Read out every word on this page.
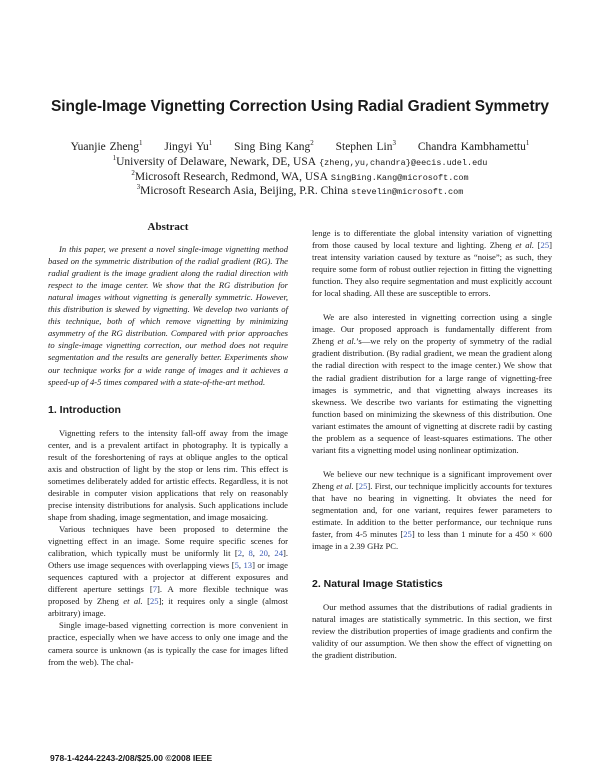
Single-Image Vignetting Correction Using Radial Gradient Symmetry
Yuanjie Zheng$^1$ Jingyi Yu$^1$ Sing Bing Kang$^2$ Stephen Lin$^3$ Chandra Kambhamettu$^1$
$^1$University of Delaware, Newark, DE, USA {zheng,yu,chandra}@eecis.udel.edu
$^2$Microsoft Research, Redmond, WA, USA SingBing.Kang@microsoft.com
$^3$Microsoft Research Asia, Beijing, P.R. China stevelin@microsoft.com

Abstract

In this paper, we present a novel single-image vignetting method based on the symmetric distribution of the radial gradient (RG). The radial gradient is the image gradient along the radial direction with respect to the image center. We show that the RG distribution for natural images without vignetting is generally symmetric. However, this distribution is skewed by vignetting. We develop two variants of this technique, both of which remove vignetting by minimizing asymmetry of the RG distribution. Compared with prior approaches to single-image vignetting correction, our method does not require segmentation and the results are generally better. Experiments show our technique works for a wide range of images and it achieves a speed-up of 4-5 times compared with a state-of-the-art method.

1. Introduction

Vignetting refers to the intensity fall-off away from the image center, and is a prevalent artifact in photography. It is typically a result of the foreshortening of rays at oblique angles to the optical axis and obstruction of light by the stop or lens rim. This effect is sometimes deliberately added for artistic effects. Regardless, it is not desirable in computer vision applications that rely on reasonably precise intensity distributions for analysis. Such applications include shape from shading, image segmentation, and image mosaicing.

Various techniques have been proposed to determine the vignetting effect in an image. Some require specific scenes for calibration, which typically must be uniformly lit [2, 8, 20, 24]. Others use image sequences with overlapping views [5, 13] or image sequences captured with a projector at different exposures and different aperture settings [7]. A more flexible technique was proposed by Zheng et al. [25]; it requires only a single (almost arbitrary) image.

Single image-based vignetting correction is more convenient in practice, especially when we have access to only one image and the camera source is unknown (as is typically the case for images lifted from the web). The chal-

lenge is to differentiate the global intensity variation of vignetting from those caused by local texture and lighting. Zheng et al. [25] treat intensity variation caused by texture as “noise”; as such, they require some form of robust outlier rejection in fitting the vignetting function. They also require segmentation and must explicitly account for local shading. All these are susceptible to errors.

We are also interested in vignetting correction using a single image. Our proposed approach is fundamentally different from Zheng et al.’s—we rely on the property of symmetry of the radial gradient distribution. (By radial gradient, we mean the gradient along the radial direction with respect to the image center.) We show that the radial gradient distribution for a large range of vignetting-free images is symmetric, and that vignetting always increases its skewness. We describe two variants for estimating the vignetting function based on minimizing the skewness of this distribution. One variant estimates the amount of vignetting at discrete radii by casting the problem as a sequence of least-squares estimations. The other variant fits a vignetting model using nonlinear optimization.

We believe our new technique is a significant improvement over Zheng et al. [25]. First, our technique implicitly accounts for textures that have no bearing in vignetting. It obviates the need for segmentation and, for one variant, requires fewer parameters to estimate. In addition to the better performance, our technique runs faster, from 4-5 minutes [25] to less than 1 minute for a 450 × 600 image in a 2.39 GHz PC.

2. Natural Image Statistics

Our method assumes that the distributions of radial gradients in natural images are statistically symmetric. In this section, we first review the distribution properties of image gradients and confirm the validity of our assumption. We then show the effect of vignetting on the gradient distribution.

978-1-4244-2243-2/08/$25.00 ©2008 IEEE
